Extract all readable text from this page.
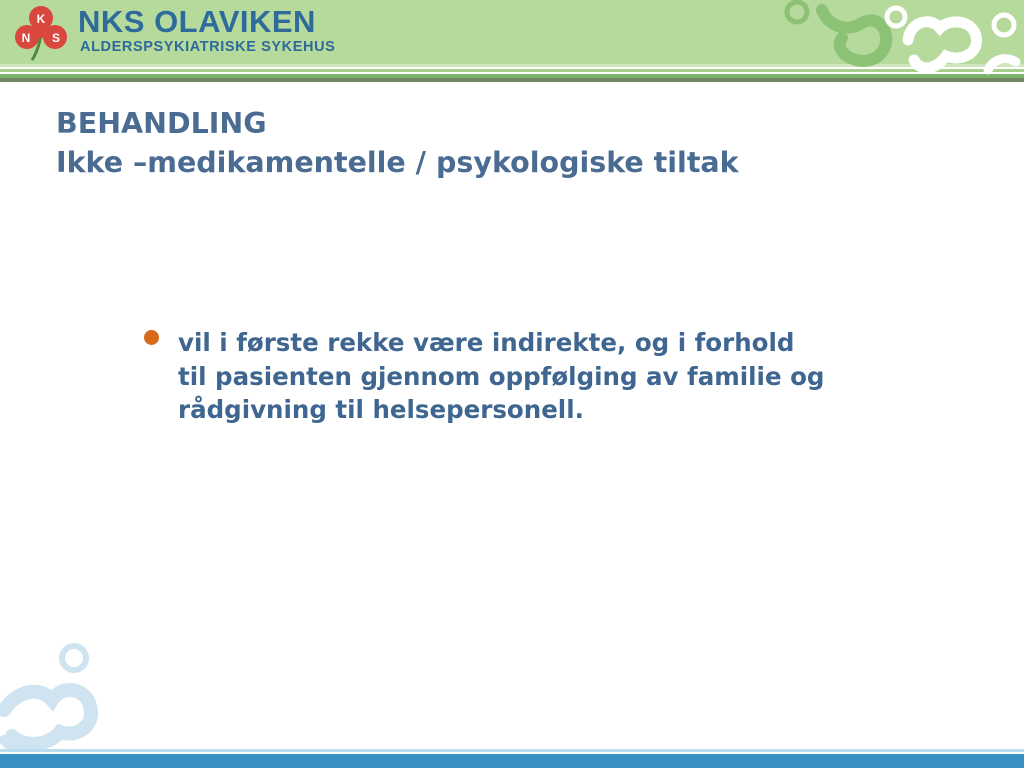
K
N S NKS OLAVIKEN
ALDERSPSYKIATRISKE SYKEHUS
BEHANDLING
Ikke –medikamentelle / psykologiske tiltak
vil i første rekke være indirekte, og i forhold
til pasienten gjennom oppfølging av familie og
rådgivning til helsepersonell.
